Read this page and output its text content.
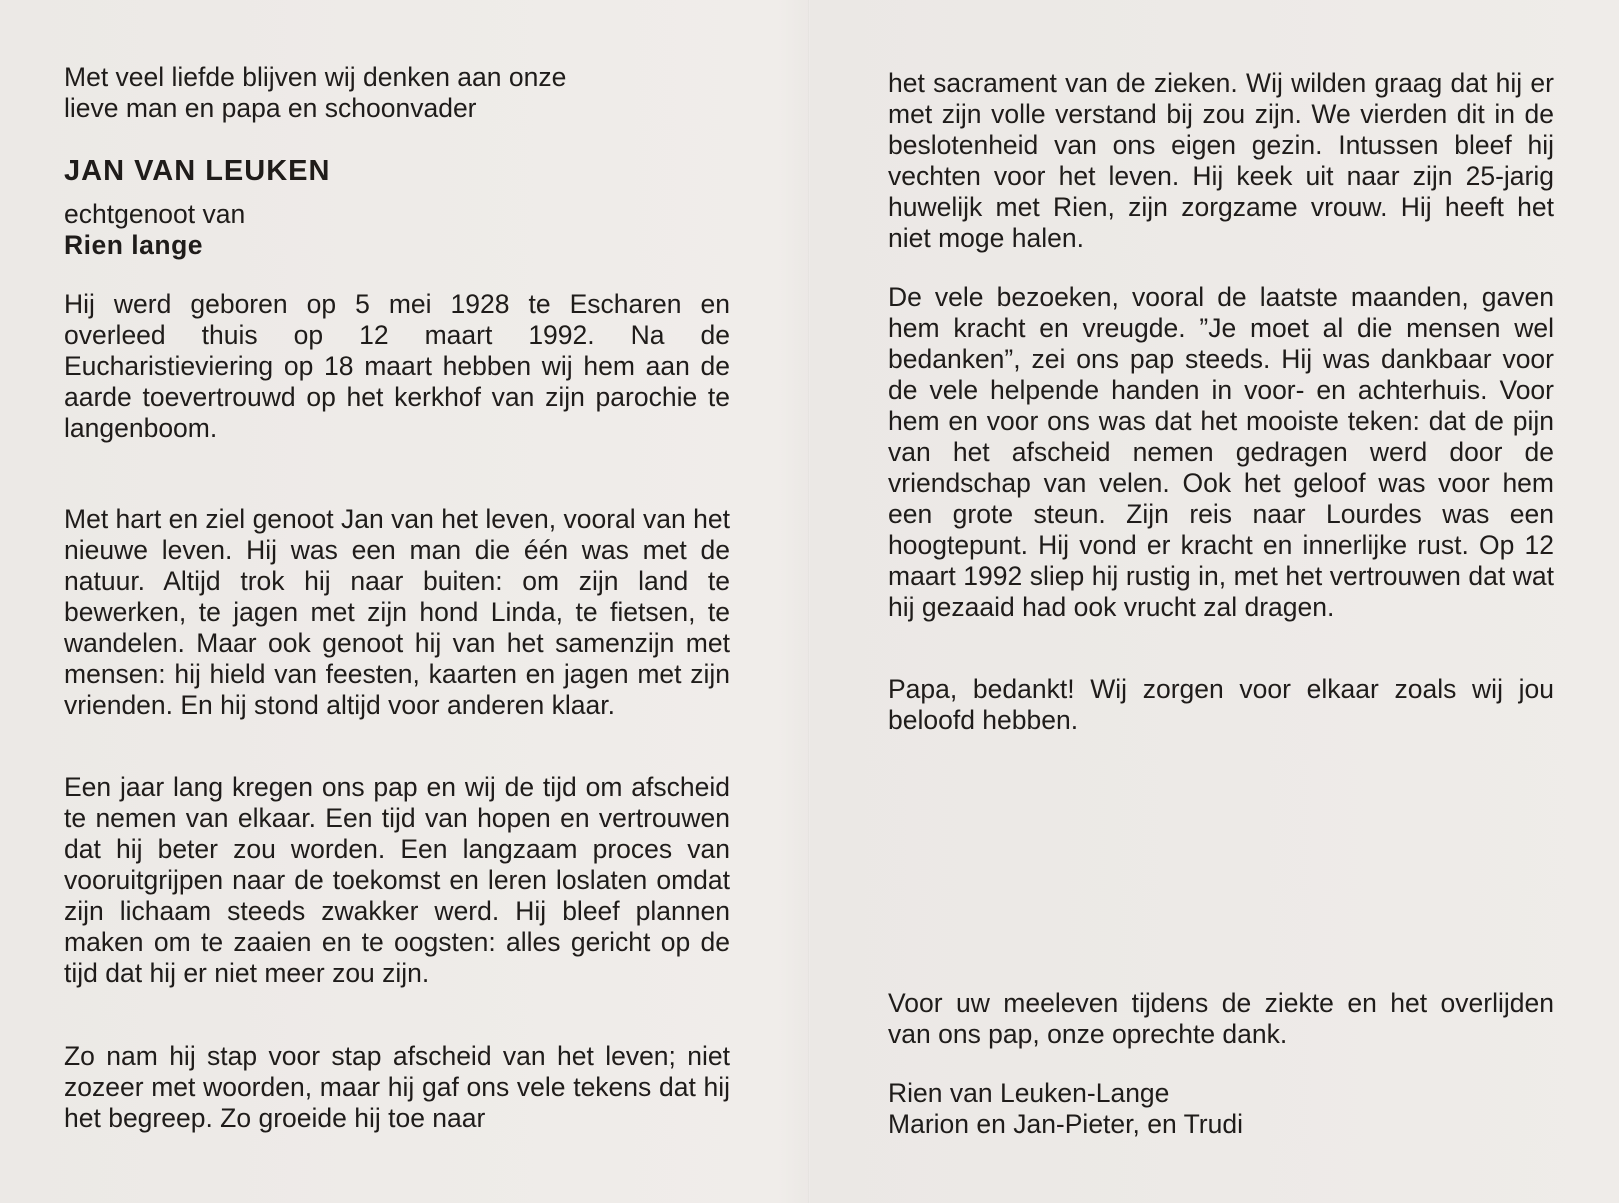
Met veel liefde blijven wij denken aan onze
lieve man en papa en schoonvader

JAN VAN LEUKEN

echtgenoot van

Rien lange

Hij werd geboren op 5 mei 1928 te Escharen en overleed thuis op 12 maart 1992. Na de Eucharistieviering op 18 maart hebben wij hem aan de aarde toevertrouwd op het kerkhof van zijn parochie te langenboom.

Met hart en ziel genoot Jan van het leven, vooral van het nieuwe leven. Hij was een man die één was met de natuur. Altijd trok hij naar buiten: om zijn land te bewerken, te jagen met zijn hond Linda, te fietsen, te wandelen. Maar ook genoot hij van het samenzijn met mensen: hij hield van feesten, kaarten en jagen met zijn vrienden. En hij stond altijd voor anderen klaar.

Een jaar lang kregen ons pap en wij de tijd om afscheid te nemen van elkaar. Een tijd van hopen en vertrouwen dat hij beter zou worden. Een langzaam proces van vooruitgrijpen naar de toekomst en leren loslaten omdat zijn lichaam steeds zwakker werd. Hij bleef plannen maken om te zaaien en te oogsten: alles gericht op de tijd dat hij er niet meer zou zijn.

Zo nam hij stap voor stap afscheid van het leven; niet zozeer met woorden, maar hij gaf ons vele tekens dat hij het begreep. Zo groeide hij toe naar

het sacrament van de zieken. Wij wilden graag dat hij er met zijn volle verstand bij zou zijn. We vierden dit in de beslotenheid van ons eigen gezin. Intussen bleef hij vechten voor het leven. Hij keek uit naar zijn 25-jarig huwelijk met Rien, zijn zorgzame vrouw. Hij heeft het niet moge halen.

De vele bezoeken, vooral de laatste maanden, gaven hem kracht en vreugde. ”Je moet al die mensen wel bedanken”, zei ons pap steeds. Hij was dankbaar voor de vele helpende handen in voor- en achterhuis. Voor hem en voor ons was dat het mooiste teken: dat de pijn van het afscheid nemen gedragen werd door de vriendschap van velen. Ook het geloof was voor hem een grote steun. Zijn reis naar Lourdes was een hoogtepunt. Hij vond er kracht en innerlijke rust. Op 12 maart 1992 sliep hij rustig in, met het vertrouwen dat wat hij gezaaid had ook vrucht zal dragen.

Papa, bedankt! Wij zorgen voor elkaar zoals wij jou beloofd hebben.

Voor uw meeleven tijdens de ziekte en het overlijden van ons pap, onze oprechte dank.

Rien van Leuken-Lange

Marion en Jan-Pieter, en Trudi
